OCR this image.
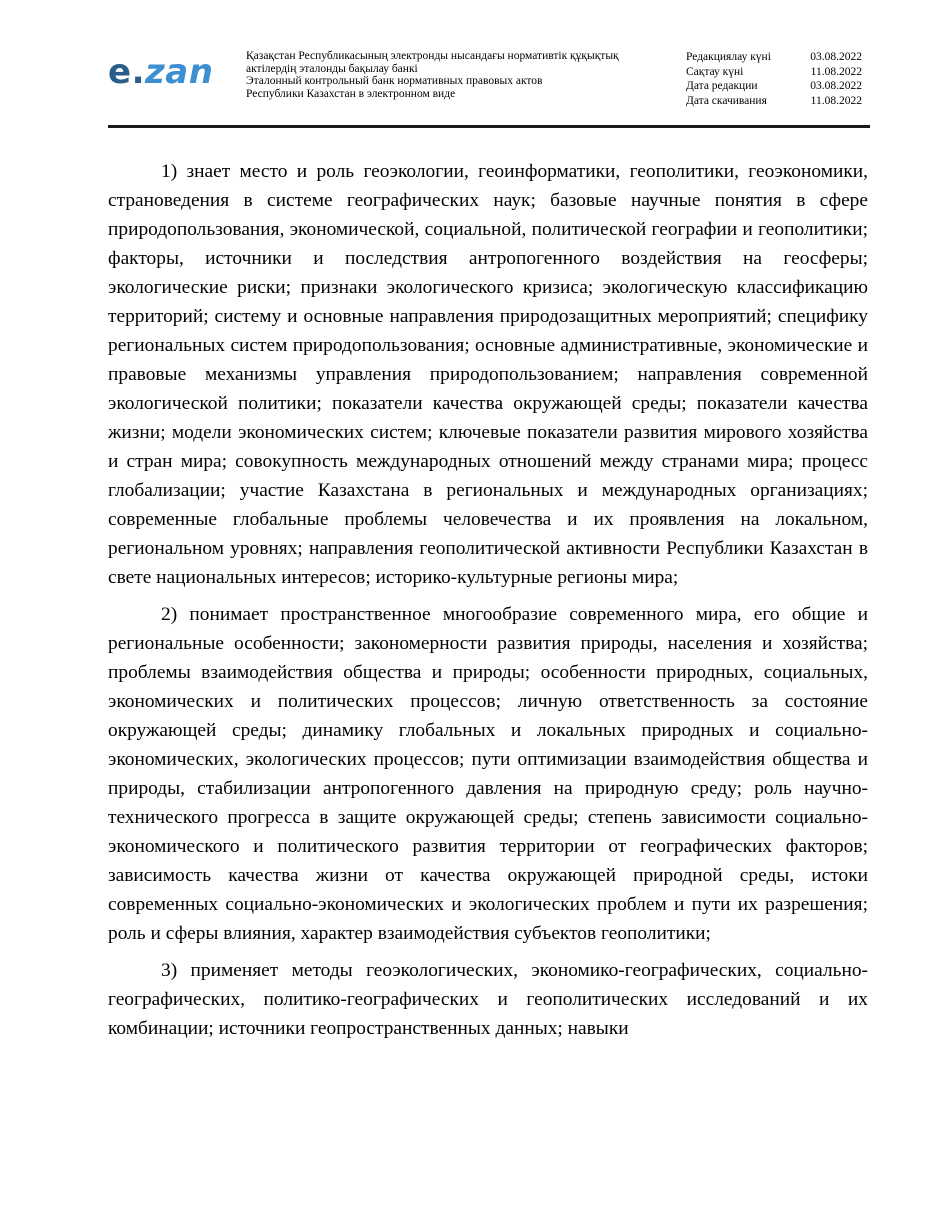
e.zan	Қазақстан Республикасының электронды нысандағы нормативтік құқықтық
актілердің эталонды бақылау банкі
Эталонный контрольный банк нормативных правовых актов
Республики Казахстан в электронном виде
Редакциялау күні	03.08.2022
Сақтау күні	11.08.2022
Дата редакции	03.08.2022
Дата скачивания	11.08.2022

1) знает место и роль геоэкологии, геоинформатики, геополитики, геоэкономики, страноведения в системе географических наук; базовые научные понятия в сфере природопользования, экономической, социальной, политической географии и геополитики; факторы, источники и последствия антропогенного воздействия на геосферы; экологические риски; признаки экологического кризиса; экологическую классификацию территорий; систему и основные направления природозащитных мероприятий; специфику региональных систем природопользования; основные административные, экономические и правовые механизмы управления природопользованием; направления современной экологической политики; показатели качества окружающей среды; показатели качества жизни; модели экономических систем; ключевые показатели развития мирового хозяйства и стран мира; совокупность международных отношений между странами мира; процесс глобализации; участие Казахстана в региональных и международных организациях; современные глобальные проблемы человечества и их проявления на локальном, региональном уровнях; направления геополитической активности Республики Казахстан в свете национальных интересов; историко-культурные регионы мира;

2) понимает пространственное многообразие современного мира, его общие и региональные особенности; закономерности развития природы, населения и хозяйства; проблемы взаимодействия общества и природы; особенности природных, социальных, экономических и политических процессов; личную ответственность за состояние окружающей среды; динамику глобальных и локальных природных и социально-экономических, экологических процессов; пути оптимизации взаимодействия общества и природы, стабилизации антропогенного давления на природную среду; роль научно-технического прогресса в защите окружающей среды; степень зависимости социально-экономического и политического развития территории от географических факторов; зависимость качества жизни от качества окружающей природной среды, истоки современных социально-экономических и экологических проблем и пути их разрешения; роль и сферы влияния, характер взаимодействия субъектов геополитики;

3) применяет методы геоэкологических, экономико-географических, социально-географических, политико-географических и геополитических исследований и их комбинации; источники геопространственных данных; навыки
